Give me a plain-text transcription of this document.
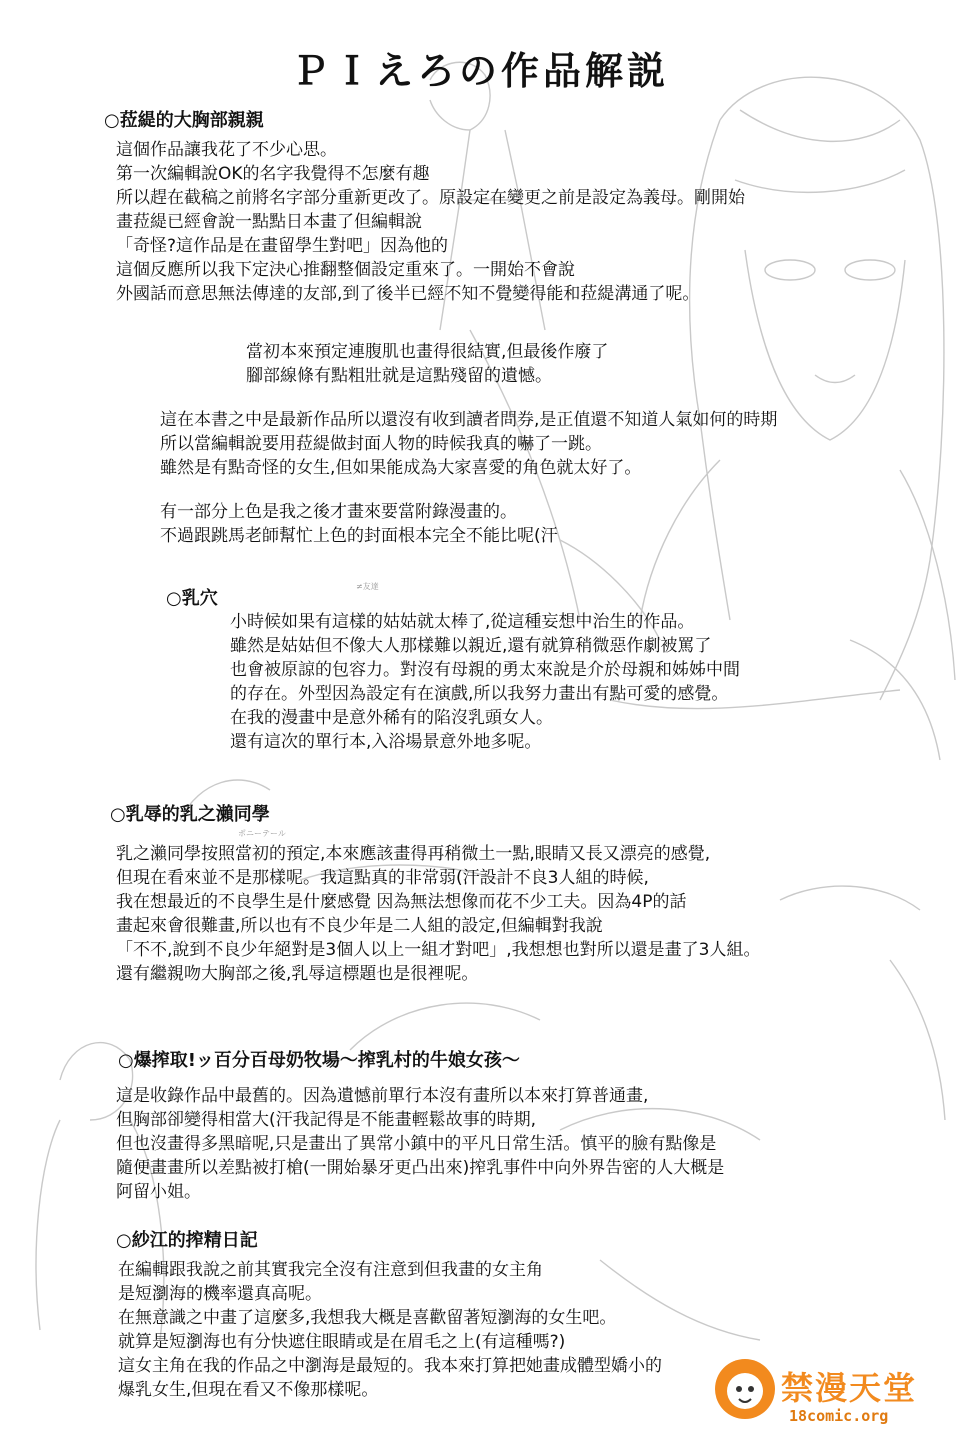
≠友達
ポニーテール
ＰＩえろの作品解説
○菈緹的大胸部親親
這個作品讓我花了不少心思。
第一次編輯說OK的名字我覺得不怎麼有趣
所以趕在截稿之前將名字部分重新更改了。原設定在變更之前是設定為義母。剛開始
畫菈緹已經會說一點點日本畫了但編輯說
「奇怪?這作品是在畫留學生對吧」因為他的
這個反應所以我下定決心推翻整個設定重來了。一開始不會說
外國話而意思無法傳達的友部,到了後半已經不知不覺變得能和菈緹溝通了呢。
當初本來預定連腹肌也畫得很結實,但最後作廢了
腳部線條有點粗壯就是這點殘留的遺憾。
這在本書之中是最新作品所以還沒有收到讀者問券,是正值還不知道人氣如何的時期
所以當編輯說要用菈緹做封面人物的時候我真的嚇了一跳。
雖然是有點奇怪的女生,但如果能成為大家喜愛的角色就太好了。
有一部分上色是我之後才畫來要當附錄漫畫的。
不過跟跳馬老師幫忙上色的封面根本完全不能比呢(汗
○乳穴
小時候如果有這樣的姑姑就太棒了,從這種妄想中治生的作品。
雖然是姑姑但不像大人那樣難以親近,還有就算稍微惡作劇被罵了
也會被原諒的包容力。對沒有母親的勇太來說是介於母親和姊姊中間
的存在。外型因為設定有在演戲,所以我努力畫出有點可愛的感覺。
在我的漫畫中是意外稀有的陷沒乳頭女人。
還有這次的單行本,入浴場景意外地多呢。
○乳辱的乳之瀨同學
乳之瀨同學按照當初的預定,本來應該畫得再稍微土一點,眼睛又長又漂亮的感覺,
但現在看來並不是那樣呢。我這點真的非常弱(汗設計不良3人組的時候,
我在想最近的不良學生是什麼感覺 因為無法想像而花不少工夫。因為4P的話
畫起來會很難畫,所以也有不良少年是二人組的設定,但編輯對我說
「不不,說到不良少年絕對是3個人以上一組才對吧」,我想想也對所以還是畫了3人組。
還有繼親吻大胸部之後,乳辱這標題也是很裡呢。
○爆搾取!ッ百分百母奶牧場～搾乳村的牛娘女孩～
這是收錄作品中最舊的。因為遺憾前單行本沒有畫所以本來打算普通畫,
但胸部卻變得相當大(汗我記得是不能畫輕鬆故事的時期,
但也沒畫得多黑暗呢,只是畫出了異常小鎮中的平凡日常生活。慎平的臉有點像是
隨便畫畫所以差點被打槍(一開始暴牙更凸出來)搾乳事件中向外界告密的人大概是
阿留小姐。
○紗江的搾精日記
在編輯跟我說之前其實我完全沒有注意到但我畫的女主角
是短瀏海的機率還真高呢。
在無意識之中畫了這麼多,我想我大概是喜歡留著短瀏海的女生吧。
就算是短瀏海也有分快遮住眼睛或是在眉毛之上(有這種嗎?)
這女主角在我的作品之中瀏海是最短的。我本來打算把她畫成體型嬌小的
爆乳女生,但現在看又不像那樣呢。	禁漫天堂
18comic.org
